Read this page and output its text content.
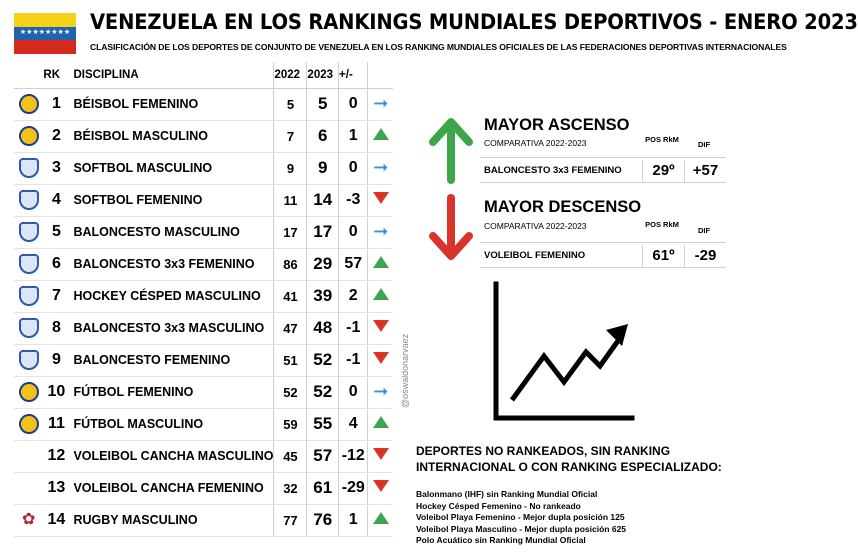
★★★★★★★★ VENEZUELA EN LOS RANKINGS MUNDIALES DEPORTIVOS - ENERO 2023
CLASIFICACIÓN DE LOS DEPORTES DE CONJUNTO DE VENEZUELA EN LOS RANKING MUNDIALES OFICIALES DE LAS FEDERACIONES DEPORTIVAS INTERNACIONALES
	RK	DISCIPLINA	2022	2023	+/-	
	1	BÉISBOL FEMENINO	5	5	0	➞
	2	BÉISBOL MASCULINO	7	6	1	
	3	SOFTBOL MASCULINO	9	9	0	➞
	4	SOFTBOL FEMENINO	11	14	-3	
	5	BALONCESTO MASCULINO	17	17	0	➞
	6	BALONCESTO 3x3 FEMENINO	86	29	57	
	7	HOCKEY CÉSPED MASCULINO	41	39	2	
	8	BALONCESTO 3x3 MASCULINO	47	48	-1	
	9	BALONCESTO FEMENINO	51	52	-1	
	10	FÚTBOL FEMENINO	52	52	0	➞
	11	FÚTBOL MASCULINO	59	55	4	
	12	VOLEIBOL CANCHA MASCULINO	45	57	-12	
	13	VOLEIBOL CANCHA FEMENINO	32	61	-29	
✿	14	RUGBY MASCULINO	77	76	1	
@oswaldonarvaez
MAYOR ASCENSO
COMPARATIVA 2022-2023	POS RkM
DIF
BALONCESTO 3x3 FEMENINO	29º	+57
MAYOR DESCENSO
COMPARATIVA 2022-2023	POS RkM
DIF
VOLEIBOL FEMENINO	61º	-29
DEPORTES NO RANKEADOS, SIN RANKING INTERNACIONAL O CON RANKING ESPECIALIZADO:
Balonmano (IHF) sin Ranking Mundial Oficial
Hockey Césped Femenino - No rankeado
Voleibol Playa Femenino - Mejor dupla posición 125
Voleibol Playa Masculino - Mejor dupla posición 625
Polo Acuático sin Ranking Mundial Oficial
